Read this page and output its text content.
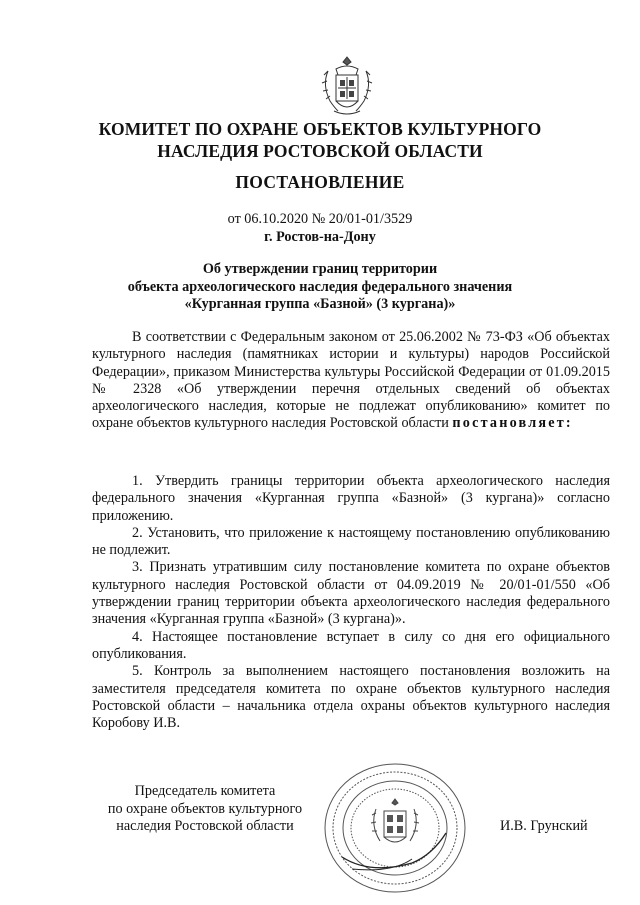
КОМИТЕТ ПО ОХРАНЕ ОБЪЕКТОВ КУЛЬТУРНОГО
НАСЛЕДИЯ РОСТОВСКОЙ ОБЛАСТИ
ПОСТАНОВЛЕНИЕ
от 06.10.2020 № 20/01-01/3529
г. Ростов-на-Дону
Об утверждении границ территории
объекта археологического наследия федерального значения
«Курганная группа «Базной» (3 кургана)»

В соответствии с Федеральным законом от 25.06.2002 № 73-ФЗ «Об объектах культурного наследия (памятниках истории и культуры) народов Российской Федерации», приказом Министерства культуры Российской Федерации от 01.09.2015 № 2328 «Об утверждении перечня отдельных сведений об объектах археологического наследия, которые не подлежат опубликованию» комитет по охране объектов культурного наследия Ростовской области постановляет:

1. Утвердить границы территории объекта археологического наследия федерального значения «Курганная группа «Базной» (3 кургана)» согласно приложению.

2. Установить, что приложение к настоящему постановлению опубликованию не подлежит.

3. Признать утратившим силу постановление комитета по охране объектов культурного наследия Ростовской области от 04.09.2019 № 20/01-01/550 «Об утверждении границ территории объекта археологического наследия федерального значения «Курганная группа «Базной» (3 кургана)».

4. Настоящее постановление вступает в силу со дня его официального опубликования.

5. Контроль за выполнением настоящего постановления возложить на заместителя председателя комитета по охране объектов культурного наследия Ростовской области – начальника отдела охраны объектов культурного наследия Коробову И.В.

Председатель комитета
по охране объектов культурного
наследия Ростовской области	И.В. Грунский
